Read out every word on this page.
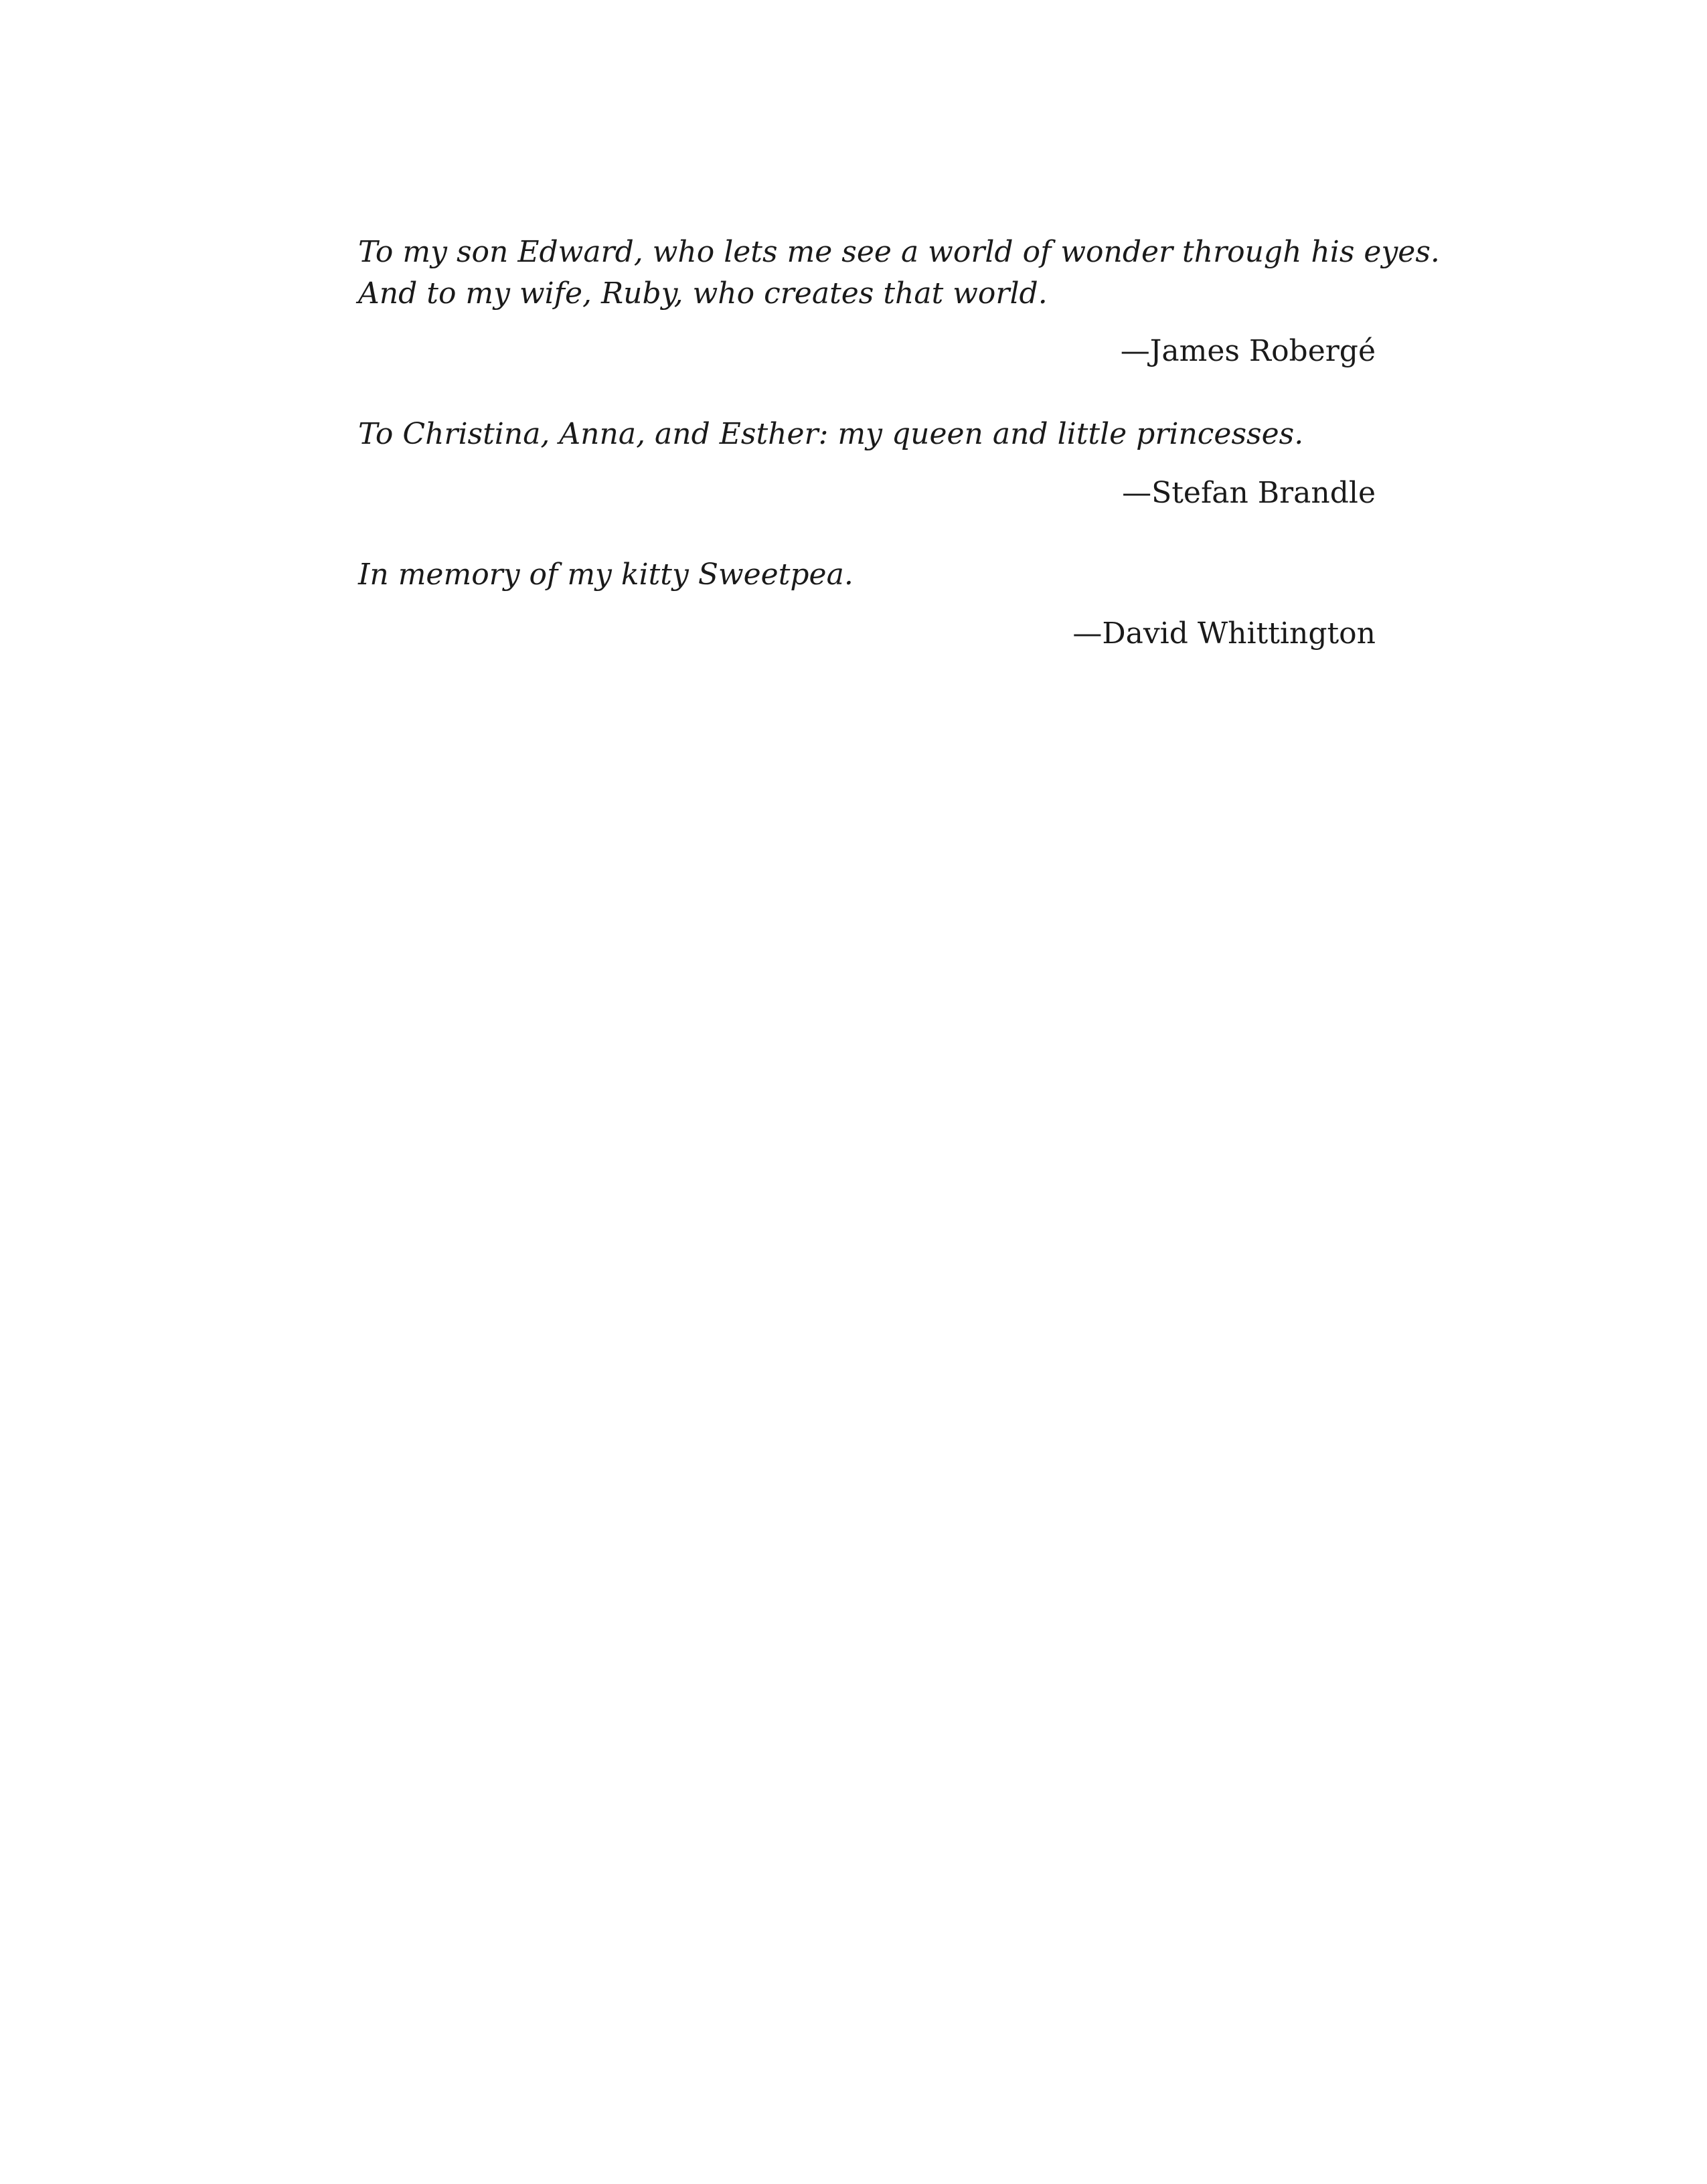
To my son Edward, who lets me see a world of wonder through his eyes.
And to my wife, Ruby, who creates that world.

—James Robergé

To Christina, Anna, and Esther: my queen and little princesses.

—Stefan Brandle

In memory of my kitty Sweetpea.

—David Whittington
